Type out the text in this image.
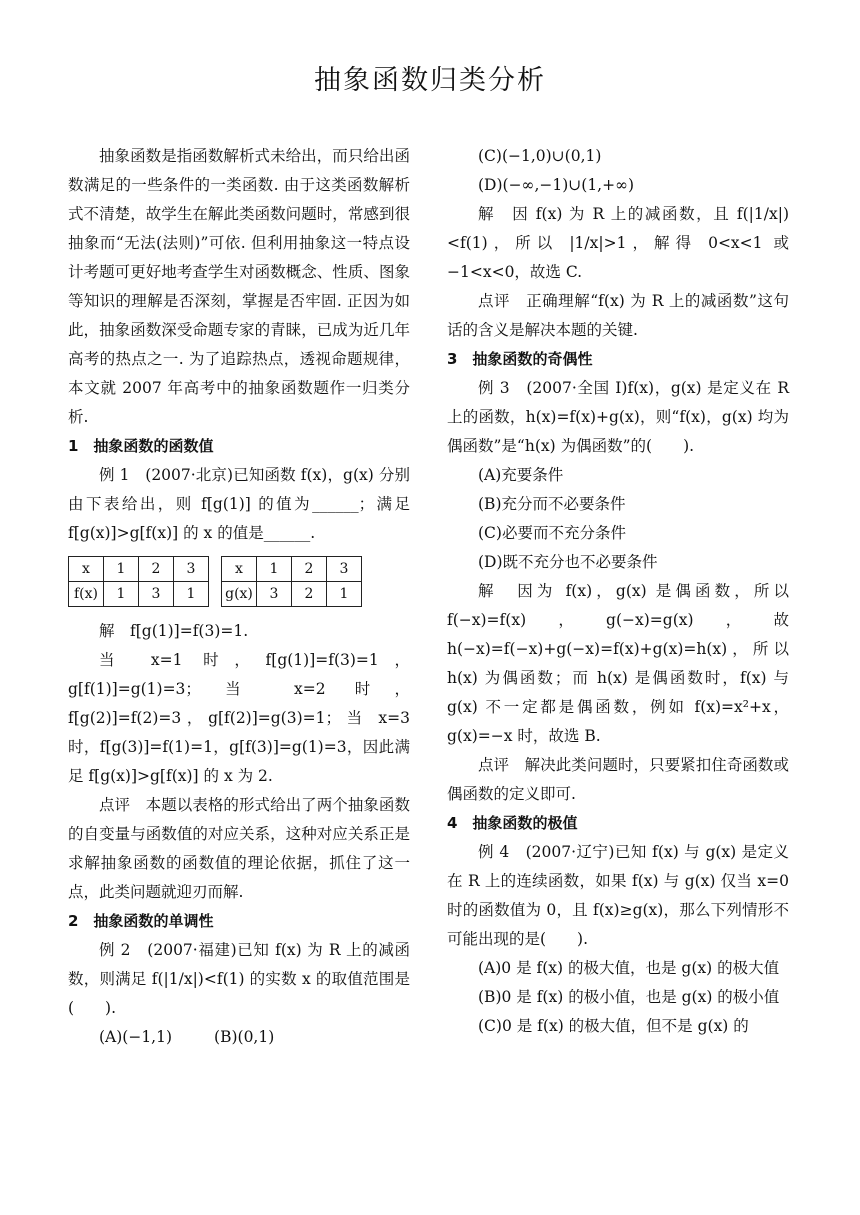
抽象函数归类分析

抽象函数是指函数解析式未给出，而只给出函数满足的一些条件的一类函数. 由于这类函数解析式不清楚，故学生在解此类函数问题时，常感到很抽象而“无法(法则)”可依. 但利用抽象这一特点设计考题可更好地考查学生对函数概念、性质、图象等知识的理解是否深刻，掌握是否牢固. 正因为如此，抽象函数深受命题专家的青睐，已成为近几年高考的热点之一. 为了追踪热点，透视命题规律，本文就 2007 年高考中的抽象函数题作一归类分析.

1　抽象函数的函数值

例 1　(2007·北京)已知函数 f(x)，g(x) 分别由下表给出，则 f[g(1)] 的值为______；满足 f[g(x)]>g[f(x)] 的 x 的值是______.

x	1	2	3
f(x)	1	3	1
x	1	2	3
g(x)	3	2	1

解　f[g(1)]=f(3)=1.

当 x=1 时，f[g(1)]=f(3)=1，g[f(1)]=g(1)=3；当 x=2 时，f[g(2)]=f(2)=3，g[f(2)]=g(3)=1；当 x=3 时，f[g(3)]=f(1)=1，g[f(3)]=g(1)=3，因此满足 f[g(x)]>g[f(x)] 的 x 为 2.

点评　本题以表格的形式给出了两个抽象函数的自变量与函数值的对应关系，这种对应关系正是求解抽象函数的函数值的理论依据，抓住了这一点，此类问题就迎刃而解.

2　抽象函数的单调性

例 2　(2007·福建)已知 f(x) 为 R 上的减函数，则满足 f(|1/x|)<f(1) 的实数 x 的取值范围是(　　).

(A)(−1,1)	(B)(0,1)

(C)(−1,0)∪(0,1)

(D)(−∞,−1)∪(1,+∞)

解　因 f(x) 为 R 上的减函数，且 f(|1/x|)<f(1)，所以 |1/x|>1，解得 0<x<1 或 −1<x<0，故选 C.

点评　正确理解“f(x) 为 R 上的减函数”这句话的含义是解决本题的关键.

3　抽象函数的奇偶性

例 3　(2007·全国 I)f(x)，g(x) 是定义在 R 上的函数，h(x)=f(x)+g(x)，则“f(x)，g(x) 均为偶函数”是“h(x) 为偶函数”的(　　).

(A)充要条件

(B)充分而不必要条件

(C)必要而不充分条件

(D)既不充分也不必要条件

解　因为 f(x)，g(x) 是偶函数，所以 f(−x)=f(x)，g(−x)=g(x)，故 h(−x)=f(−x)+g(−x)=f(x)+g(x)=h(x)，所以 h(x) 为偶函数；而 h(x) 是偶函数时，f(x) 与 g(x) 不一定都是偶函数，例如 f(x)=x²+x，g(x)=−x 时，故选 B.

点评　解决此类问题时，只要紧扣住奇函数或偶函数的定义即可.

4　抽象函数的极值

例 4　(2007·辽宁)已知 f(x) 与 g(x) 是定义在 R 上的连续函数，如果 f(x) 与 g(x) 仅当 x=0 时的函数值为 0，且 f(x)≥g(x)，那么下列情形不可能出现的是(　　).

(A)0 是 f(x) 的极大值，也是 g(x) 的极大值

(B)0 是 f(x) 的极小值，也是 g(x) 的极小值

(C)0 是 f(x) 的极大值，但不是 g(x) 的
